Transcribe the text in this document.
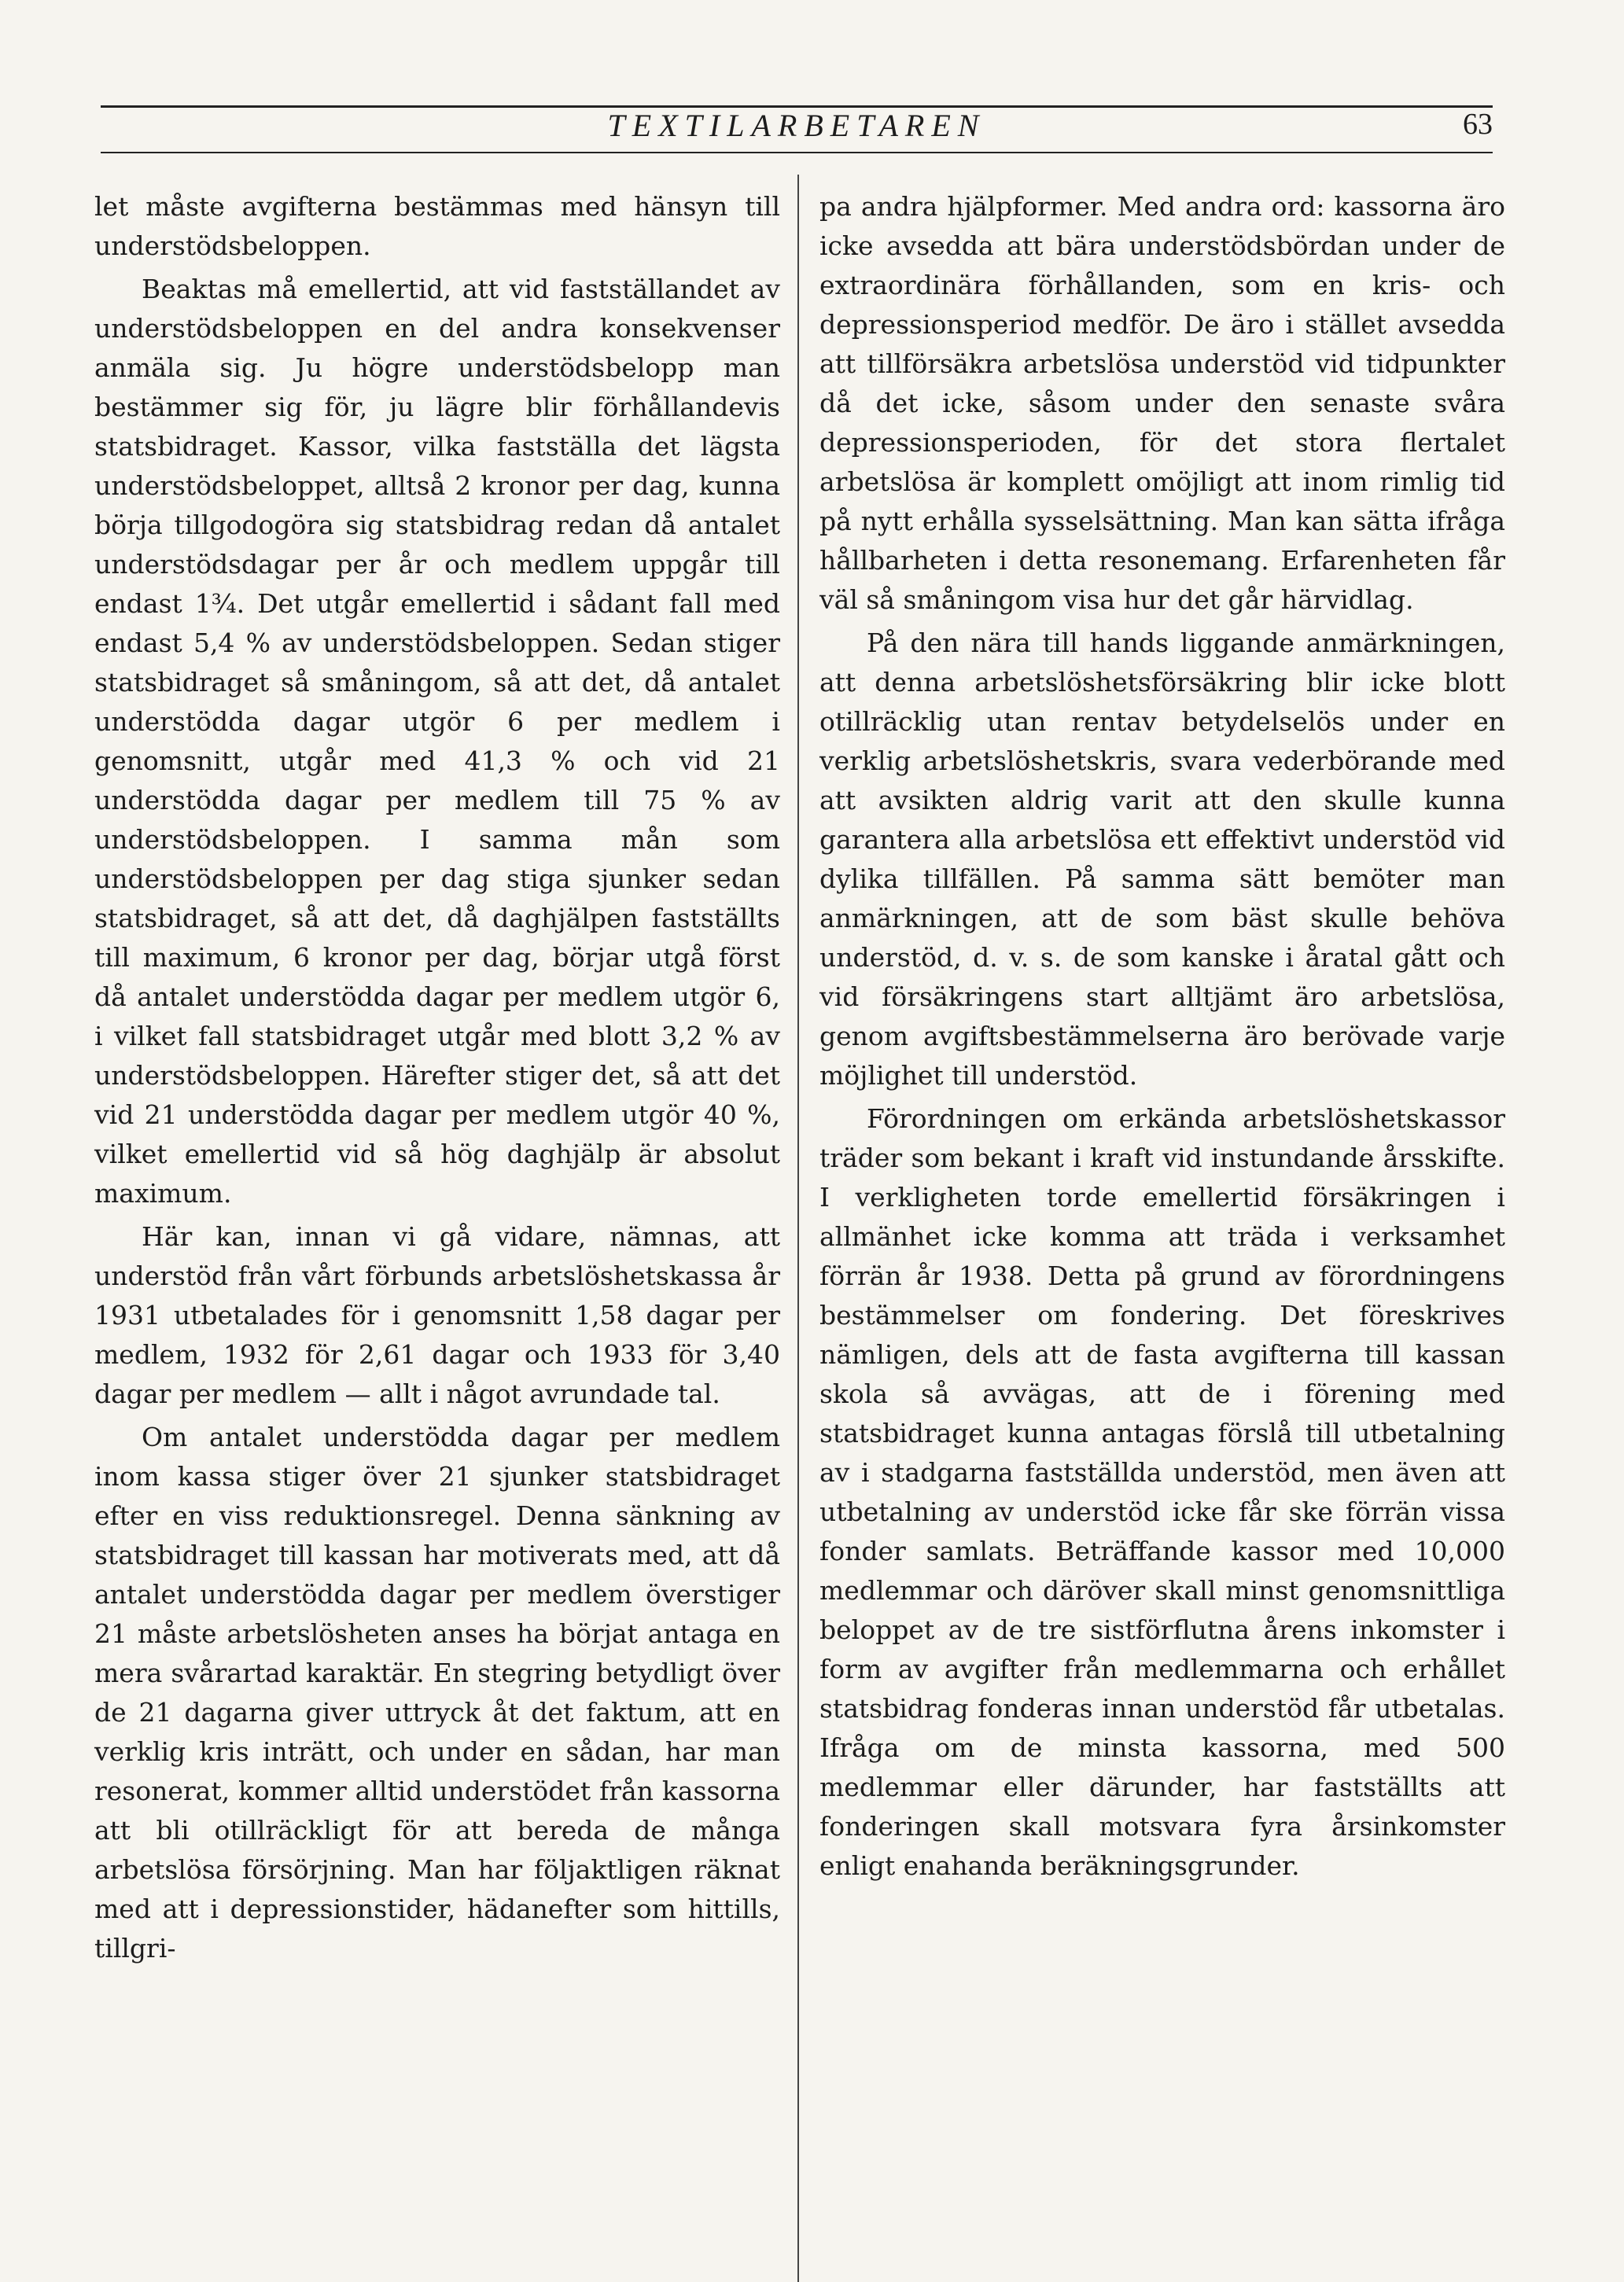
TEXTILARBETAREN	63

let måste avgifterna bestämmas med hänsyn till understödsbeloppen.

Beaktas må emellertid, att vid fastställandet av understödsbeloppen en del andra konsekvenser anmäla sig. Ju högre understödsbelopp man bestämmer sig för, ju lägre blir förhållandevis statsbidraget. Kassor, vilka fastställa det lägsta understödsbeloppet, alltså 2 kronor per dag, kunna börja tillgodogöra sig statsbidrag redan då antalet understödsdagar per år och medlem uppgår till endast 1¾. Det utgår emellertid i sådant fall med endast 5,4 % av understödsbeloppen. Sedan stiger statsbidraget så småningom, så att det, då antalet understödda dagar utgör 6 per medlem i genomsnitt, utgår med 41,3 % och vid 21 understödda dagar per medlem till 75 % av understödsbeloppen. I samma mån som understödsbeloppen per dag stiga sjunker sedan statsbidraget, så att det, då daghjälpen fastställts till maximum, 6 kronor per dag, börjar utgå först då antalet understödda dagar per medlem utgör 6, i vilket fall statsbidraget utgår med blott 3,2 % av understödsbeloppen. Härefter stiger det, så att det vid 21 understödda dagar per medlem utgör 40 %, vilket emellertid vid så hög daghjälp är absolut maximum.

Här kan, innan vi gå vidare, nämnas, att understöd från vårt förbunds arbetslöshetskassa år 1931 utbetalades för i genomsnitt 1,58 dagar per medlem, 1932 för 2,61 dagar och 1933 för 3,40 dagar per medlem — allt i något avrundade tal.

Om antalet understödda dagar per medlem inom kassa stiger över 21 sjunker statsbidraget efter en viss reduktionsregel. Denna sänkning av statsbidraget till kassan har motiverats med, att då antalet understödda dagar per medlem överstiger 21 måste arbetslösheten anses ha börjat antaga en mera svårartad karaktär. En stegring betydligt över de 21 dagarna giver uttryck åt det faktum, att en verklig kris inträtt, och under en sådan, har man resonerat, kommer alltid understödet från kassorna att bli otillräckligt för att bereda de många arbetslösa försörjning. Man har följaktligen räknat med att i depressionstider, hädanefter som hittills, tillgri-

pa andra hjälpformer. Med andra ord: kassorna äro icke avsedda att bära understödsbördan under de extraordinära förhållanden, som en kris- och depressionsperiod medför. De äro i stället avsedda att tillförsäkra arbetslösa understöd vid tidpunkter då det icke, såsom under den senaste svåra depressionsperioden, för det stora flertalet arbetslösa är komplett omöjligt att inom rimlig tid på nytt erhålla sysselsättning. Man kan sätta ifråga hållbarheten i detta resonemang. Erfarenheten får väl så småningom visa hur det går härvidlag.

På den nära till hands liggande anmärkningen, att denna arbetslöshetsförsäkring blir icke blott otillräcklig utan rentav betydelselös under en verklig arbetslöshetskris, svara vederbörande med att avsikten aldrig varit att den skulle kunna garantera alla arbetslösa ett effektivt understöd vid dylika tillfällen. På samma sätt bemöter man anmärkningen, att de som bäst skulle behöva understöd, d. v. s. de som kanske i åratal gått och vid försäkringens start alltjämt äro arbetslösa, genom avgiftsbestämmelserna äro berövade varje möjlighet till understöd.

Förordningen om erkända arbetslöshetskassor träder som bekant i kraft vid instundande årsskifte. I verkligheten torde emellertid försäkringen i allmänhet icke komma att träda i verksamhet förrän år 1938. Detta på grund av förordningens bestämmelser om fondering. Det föreskrives nämligen, dels att de fasta avgifterna till kassan skola så avvägas, att de i förening med statsbidraget kunna antagas förslå till utbetalning av i stadgarna fastställda understöd, men även att utbetalning av understöd icke får ske förrän vissa fonder samlats. Beträffande kassor med 10,000 medlemmar och däröver skall minst genomsnittliga beloppet av de tre sistförflutna årens inkomster i form av avgifter från medlemmarna och erhållet statsbidrag fonderas innan understöd får utbetalas. Ifråga om de minsta kassorna, med 500 medlemmar eller därunder, har fastställts att fonderingen skall motsvara fyra årsinkomster enligt enahanda beräkningsgrunder.
